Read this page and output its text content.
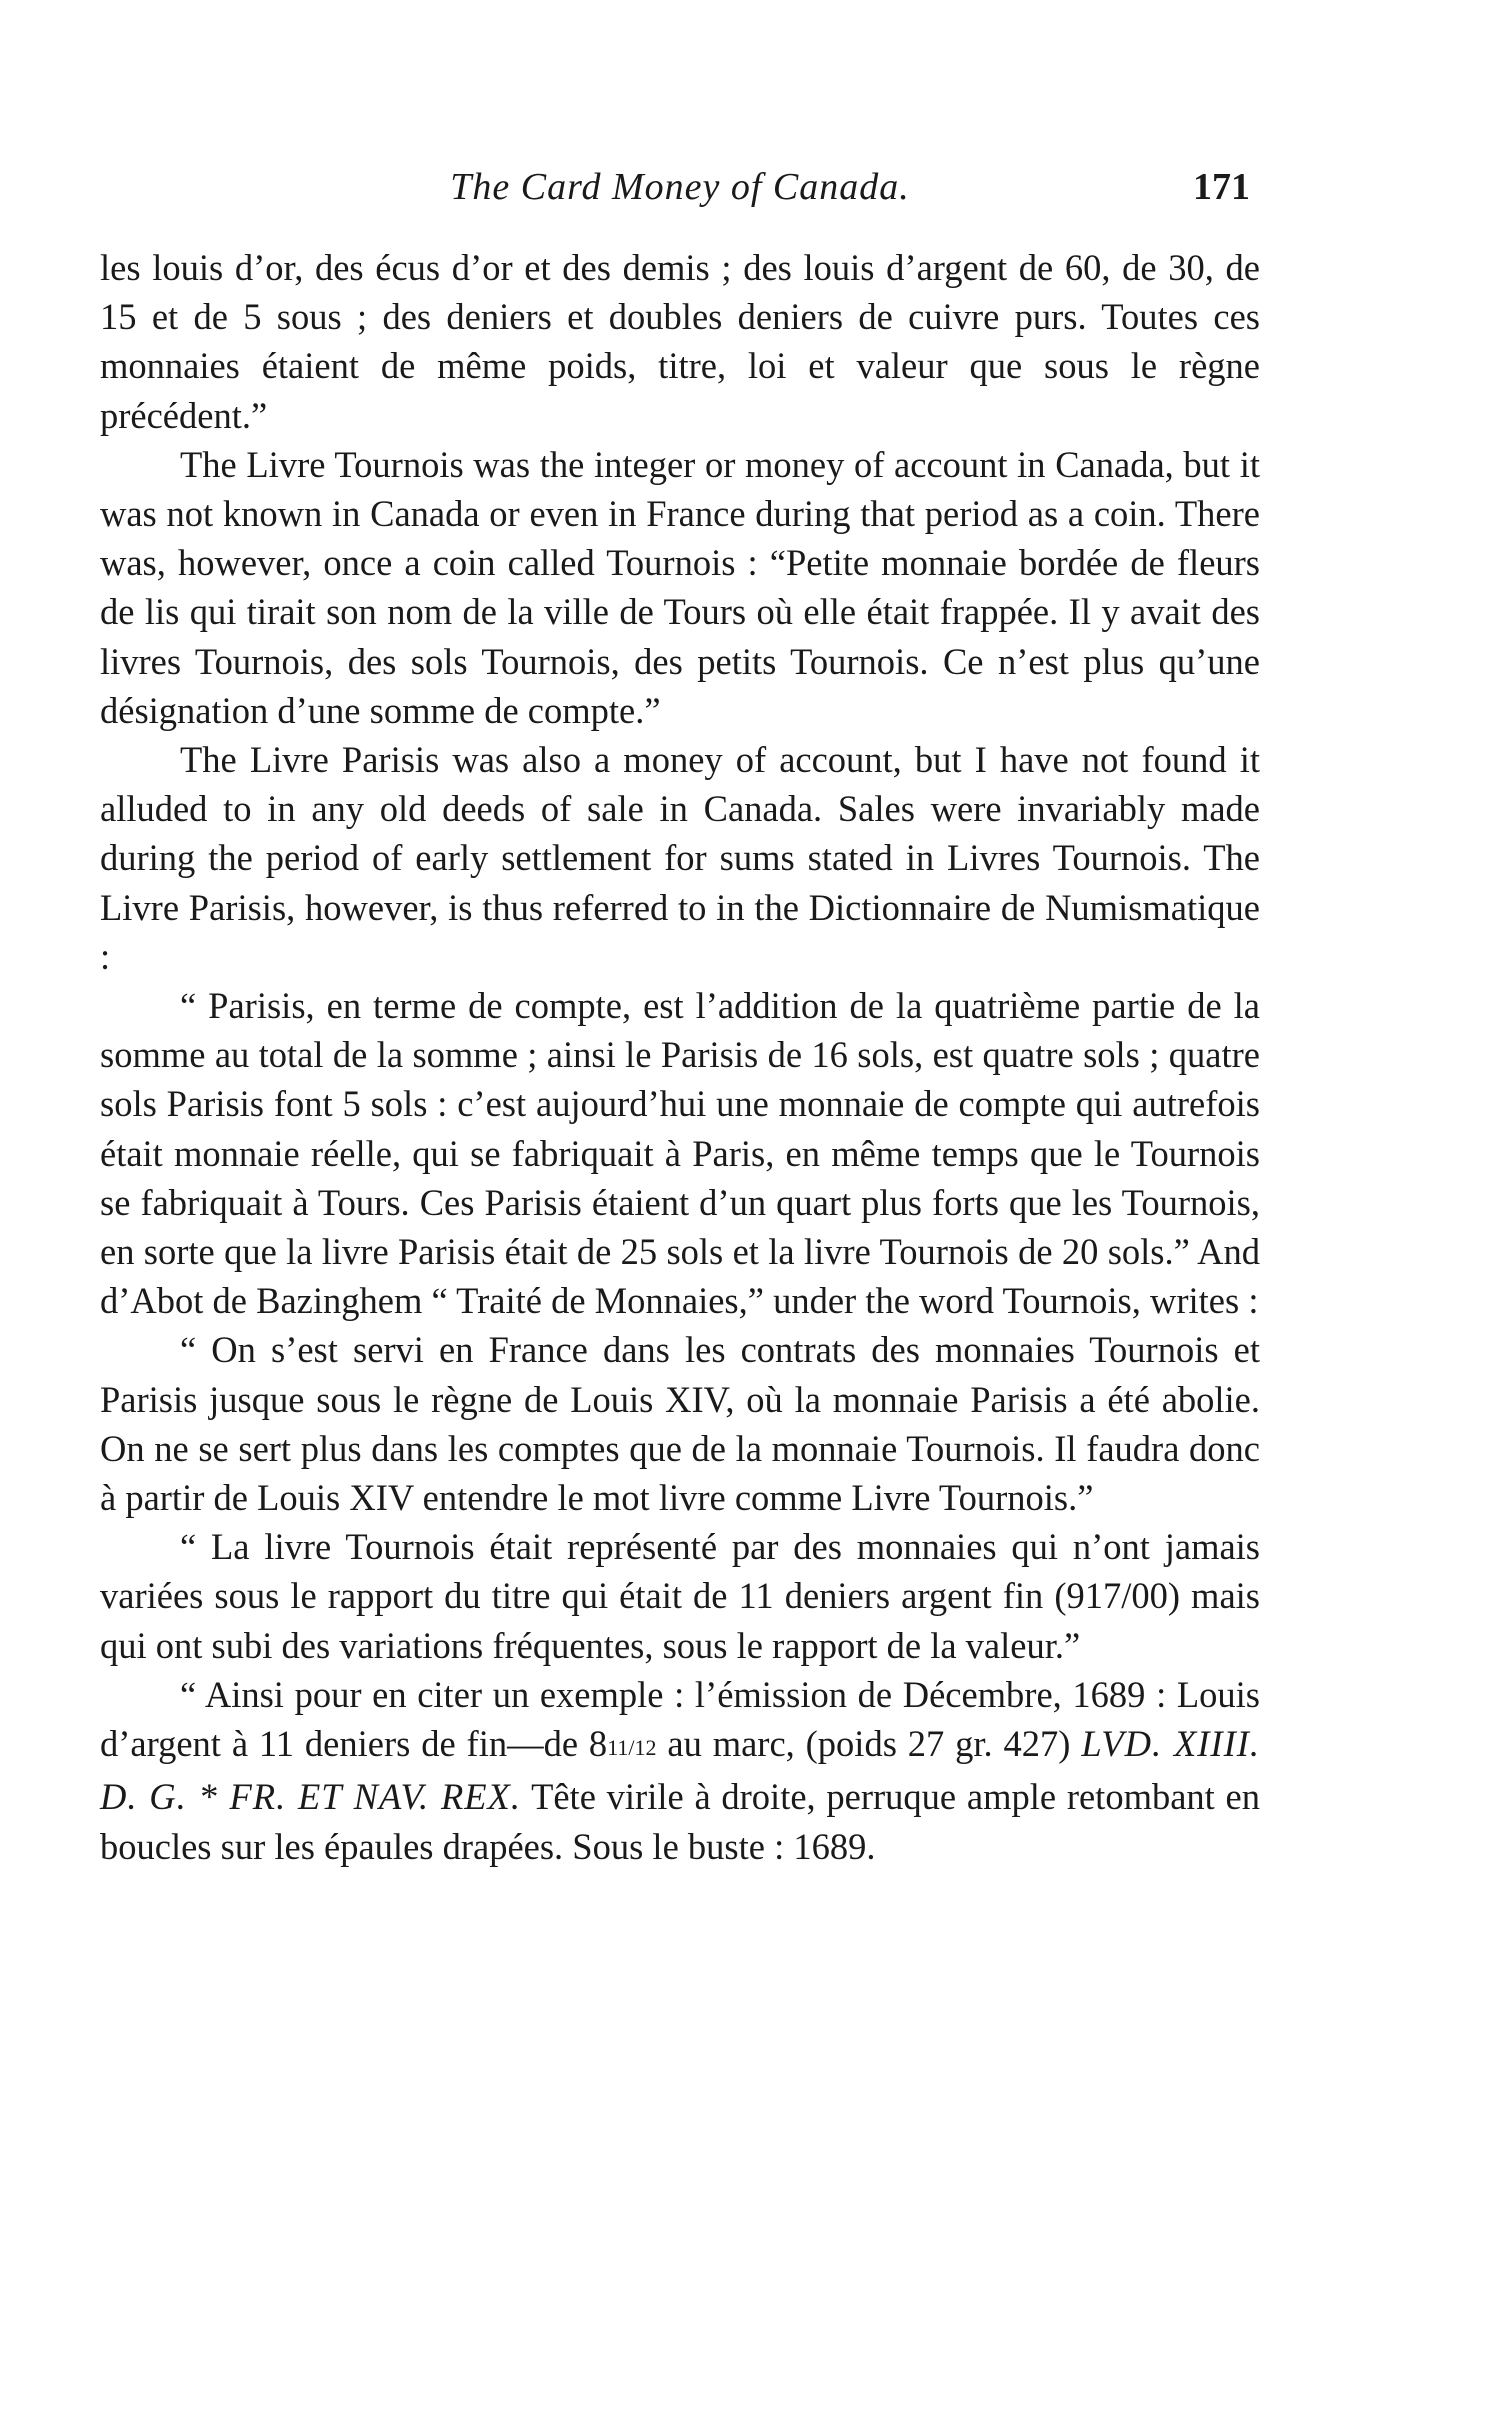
The Card Money of Canada.	171

les louis d’or, des écus d’or et des demis ; des louis d’argent de 60, de 30, de 15 et de 5 sous ; des deniers et doubles deniers de cuivre purs. Toutes ces monnaies étaient de même poids, titre, loi et valeur que sous le règne précédent.”

The Livre Tournois was the integer or money of account in Canada, but it was not known in Canada or even in France during that period as a coin. There was, however, once a coin called Tournois : “Petite monnaie bordée de fleurs de lis qui tirait son nom de la ville de Tours où elle était frappée. Il y avait des livres Tournois, des sols Tournois, des petits Tournois. Ce n’est plus qu’une désignation d’une somme de compte.”

The Livre Parisis was also a money of account, but I have not found it alluded to in any old deeds of sale in Canada. Sales were invariably made during the period of early settlement for sums stated in Livres Tournois. The Livre Parisis, however, is thus referred to in the Dictionnaire de Numismatique :

“ Parisis, en terme de compte, est l’addition de la quatrième partie de la somme au total de la somme ; ainsi le Parisis de 16 sols, est quatre sols ; quatre sols Parisis font 5 sols : c’est aujourd’hui une monnaie de compte qui autrefois était monnaie réelle, qui se fabriquait à Paris, en même temps que le Tournois se fabriquait à Tours. Ces Parisis étaient d’un quart plus forts que les Tournois, en sorte que la livre Parisis était de 25 sols et la livre Tournois de 20 sols.” And d’Abot de Bazinghem “ Traité de Monnaies,” under the word Tournois, writes :

“ On s’est servi en France dans les contrats des monnaies Tournois et Parisis jusque sous le règne de Louis XIV, où la monnaie Parisis a été abolie. On ne se sert plus dans les comptes que de la monnaie Tournois. Il faudra donc à partir de Louis XIV entendre le mot livre comme Livre Tournois.”

“ La livre Tournois était représenté par des monnaies qui n’ont jamais variées sous le rapport du titre qui était de 11 deniers argent fin (917/00) mais qui ont subi des variations fréquentes, sous le rapport de la valeur.”

“ Ainsi pour en citer un exemple : l’émission de Décembre, 1689 : Louis d’argent à 11 deniers de fin—de 811/12 au marc, (poids 27 gr. 427) LVD. XIIII. D. G. * FR. ET NAV. REX. Tête virile à droite, perruque ample retombant en boucles sur les épaules drapées. Sous le buste : 1689.
